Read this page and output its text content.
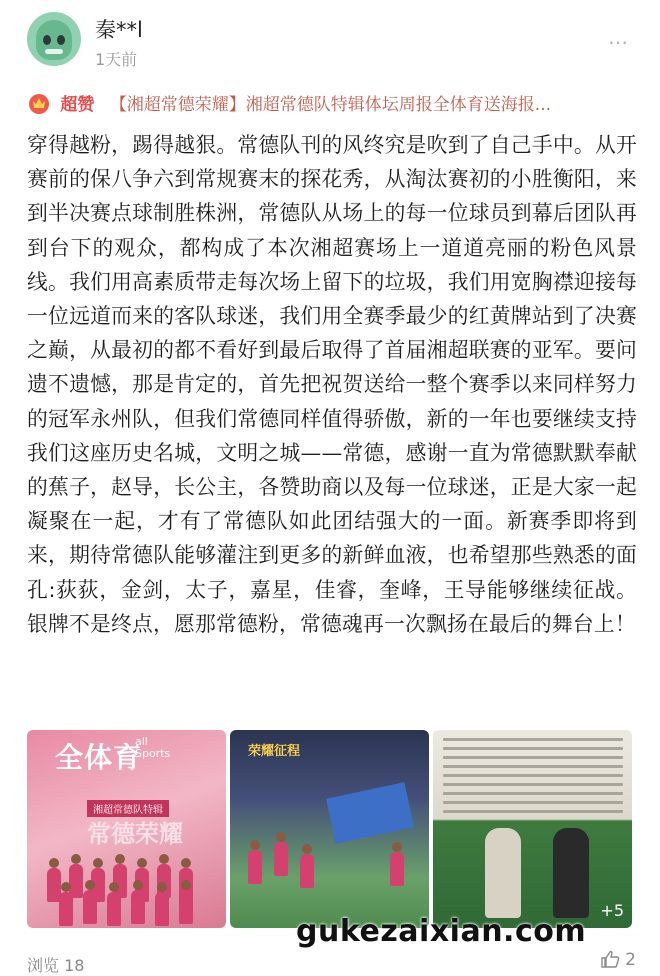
秦**l
1天前
⋯
超赞 【湘超常德荣耀】湘超常德队特辑体坛周报全体育送海报...
穿得越粉，踢得越狠。常德队刊的风终究是吹到了自己手中。从开赛前的保八争六到常规赛末的探花秀，从淘汰赛初的小胜衡阳，来到半决赛点球制胜株洲，常德队从场上的每一位球员到幕后团队再到台下的观众，都构成了本次湘超赛场上一道道亮丽的粉色风景线。我们用高素质带走每次场上留下的垃圾，我们用宽胸襟迎接每一位远道而来的客队球迷，我们用全赛季最少的红黄牌站到了决赛之巅，从最初的都不看好到最后取得了首届湘超联赛的亚军。要问遗不遗憾，那是肯定的，首先把祝贺送给一整个赛季以来同样努力的冠军永州队，但我们常德同样值得骄傲，新的一年也要继续支持我们这座历史名城，文明之城——常德，感谢一直为常德默默奉献的蕉子，赵导，长公主，各赞助商以及每一位球迷，正是大家一起凝聚在一起，才有了常德队如此团结强大的一面。新赛季即将到来，期待常德队能够灌注到更多的新鲜血液，也希望那些熟悉的面孔:荻荻，金剑，太子，嘉星，佳睿，奎峰，王导能够继续征战。银牌不是终点，愿那常德粉，常德魂再一次飘扬在最后的舞台上！
全体育
all
Sports
湘超常德队特辑
常德荣耀
荣耀征程
+5
gukezaixian.com
浏览 18	2
